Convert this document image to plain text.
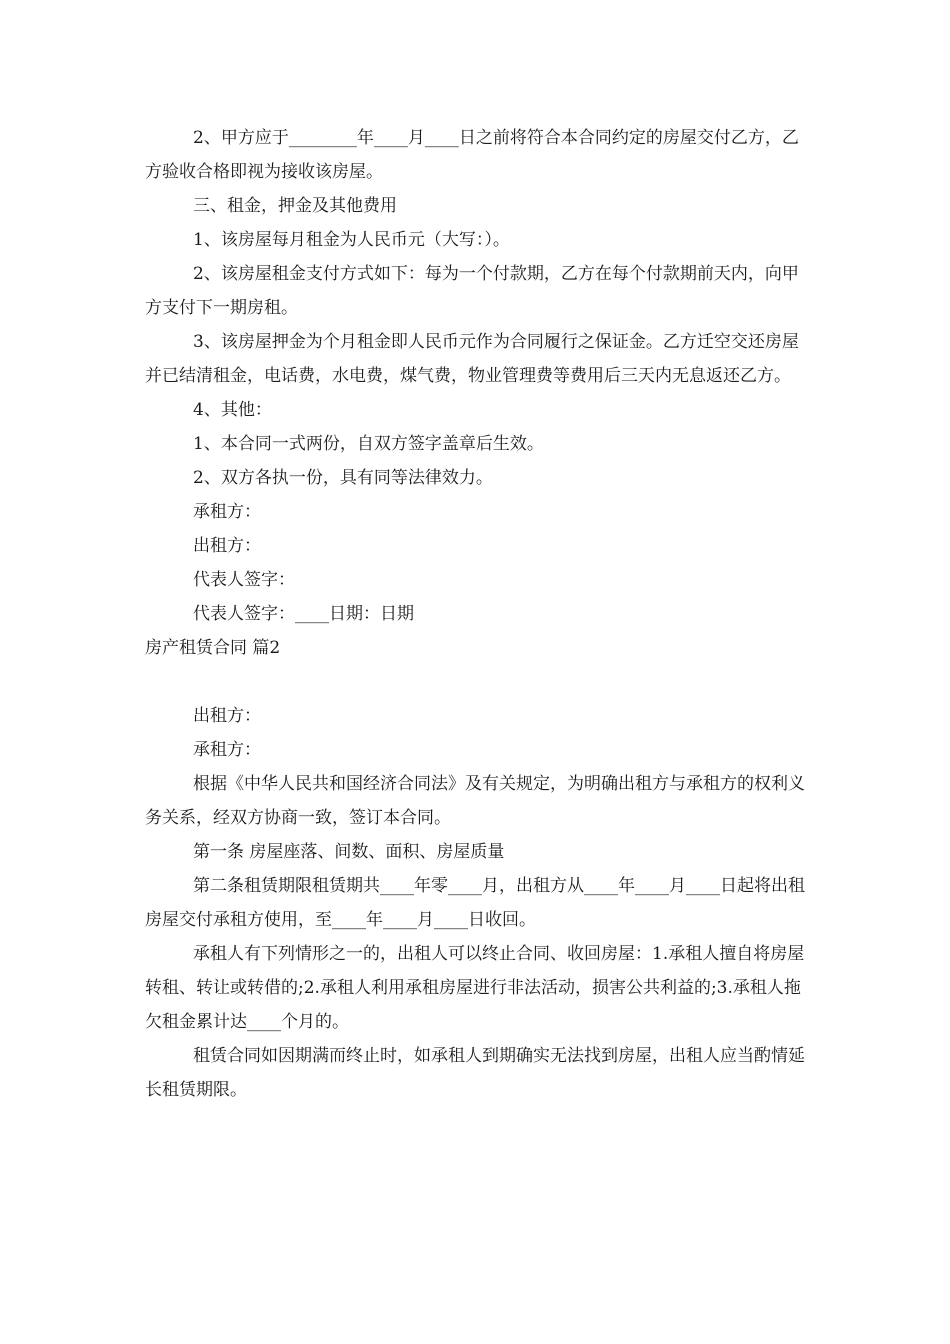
2、甲方应于________年____月____日之前将符合本合同约定的房屋交付乙方，乙方验收合格即视为接收该房屋。

三、租金，押金及其他费用

1、该房屋每月租金为人民币元（大写：）。

2、该房屋租金支付方式如下：每为一个付款期，乙方在每个付款期前天内，向甲方支付下一期房租。

3、该房屋押金为个月租金即人民币元作为合同履行之保证金。乙方迁空交还房屋并已结清租金，电话费，水电费，煤气费，物业管理费等费用后三天内无息返还乙方。

4、其他：

1、本合同一式两份，自双方签字盖章后生效。

2、双方各执一份，具有同等法律效力。

承租方：

出租方：

代表人签字：

代表人签字：____日期：日期

房产租赁合同 篇2

出租方：

承租方：

根据《中华人民共和国经济合同法》及有关规定，为明确出租方与承租方的权利义务关系，经双方协商一致，签订本合同。

第一条 房屋座落、间数、面积、房屋质量

第二条租赁期限租赁期共____年零____月，出租方从____年____月____日起将出租房屋交付承租方使用，至____年____月____日收回。

承租人有下列情形之一的，出租人可以终止合同、收回房屋：1.承租人擅自将房屋转租、转让或转借的;2.承租人利用承租房屋进行非法活动，损害公共利益的;3.承租人拖欠租金累计达____个月的。

租赁合同如因期满而终止时，如承租人到期确实无法找到房屋，出租人应当酌情延长租赁期限。
